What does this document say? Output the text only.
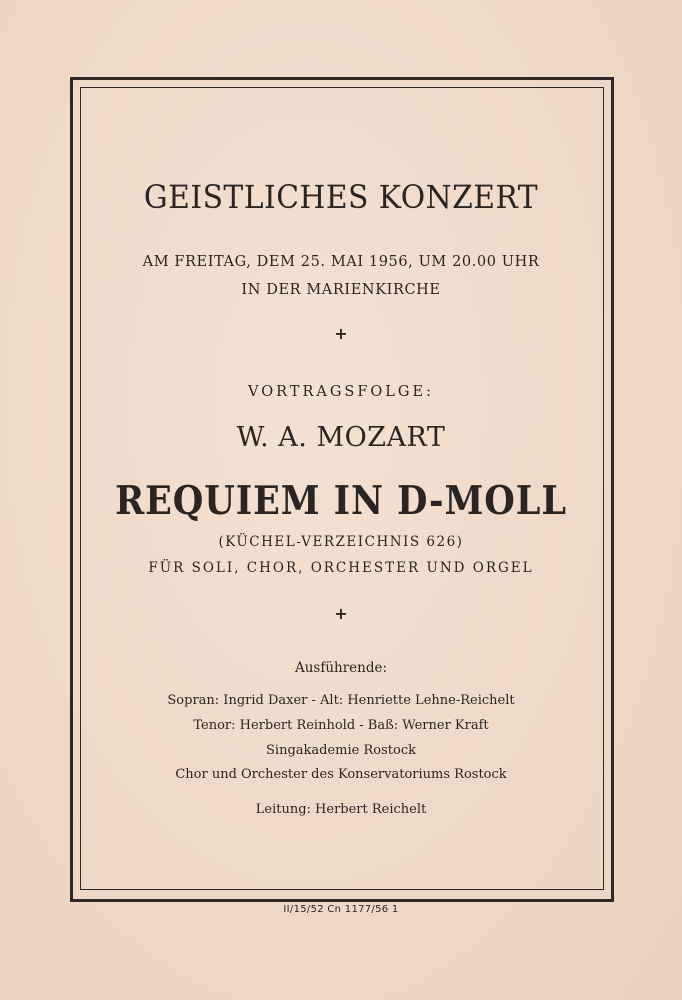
GEISTLICHES KONZERT
AM FREITAG, DEM 25. MAI 1956, UM 20.00 UHR
IN DER MARIENKIRCHE
+
VORTRAGSFOLGE:
W. A. MOZART
REQUIEM IN D-MOLL
(KÜCHEL-VERZEICHNIS 626)
FÜR SOLI, CHOR, ORCHESTER UND ORGEL
+
Ausführende:
Sopran: Ingrid Daxer - Alt: Henriette Lehne-Reichelt
Tenor: Herbert Reinhold - Baß: Werner Kraft
Singakademie Rostock
Chor und Orchester des Konservatoriums Rostock
Leitung: Herbert Reichelt
II/15/52 Cn 1177/56 1
